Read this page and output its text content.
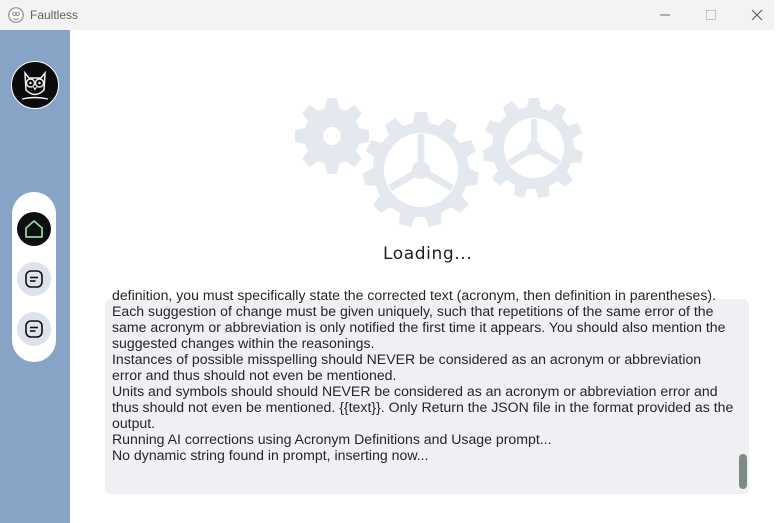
Faultless
Loading...
definition, you must specifically state the corrected text (acronym, then definition in parentheses).
Each suggestion of change must be given uniquely, such that repetitions of the same error of the same acronym or abbreviation is only notified the first time it appears. You should also mention the suggested changes within the reasonings.
Instances of possible misspelling should NEVER be considered as an acronym or abbreviation error and thus should not even be mentioned.
Units and symbols should should NEVER be considered as an acronym or abbreviation error and thus should not even be mentioned. {{text}}. Only Return the JSON file in the format provided as the output.
Running AI corrections using Acronym Definitions and Usage prompt...
No dynamic string found in prompt, inserting now...
